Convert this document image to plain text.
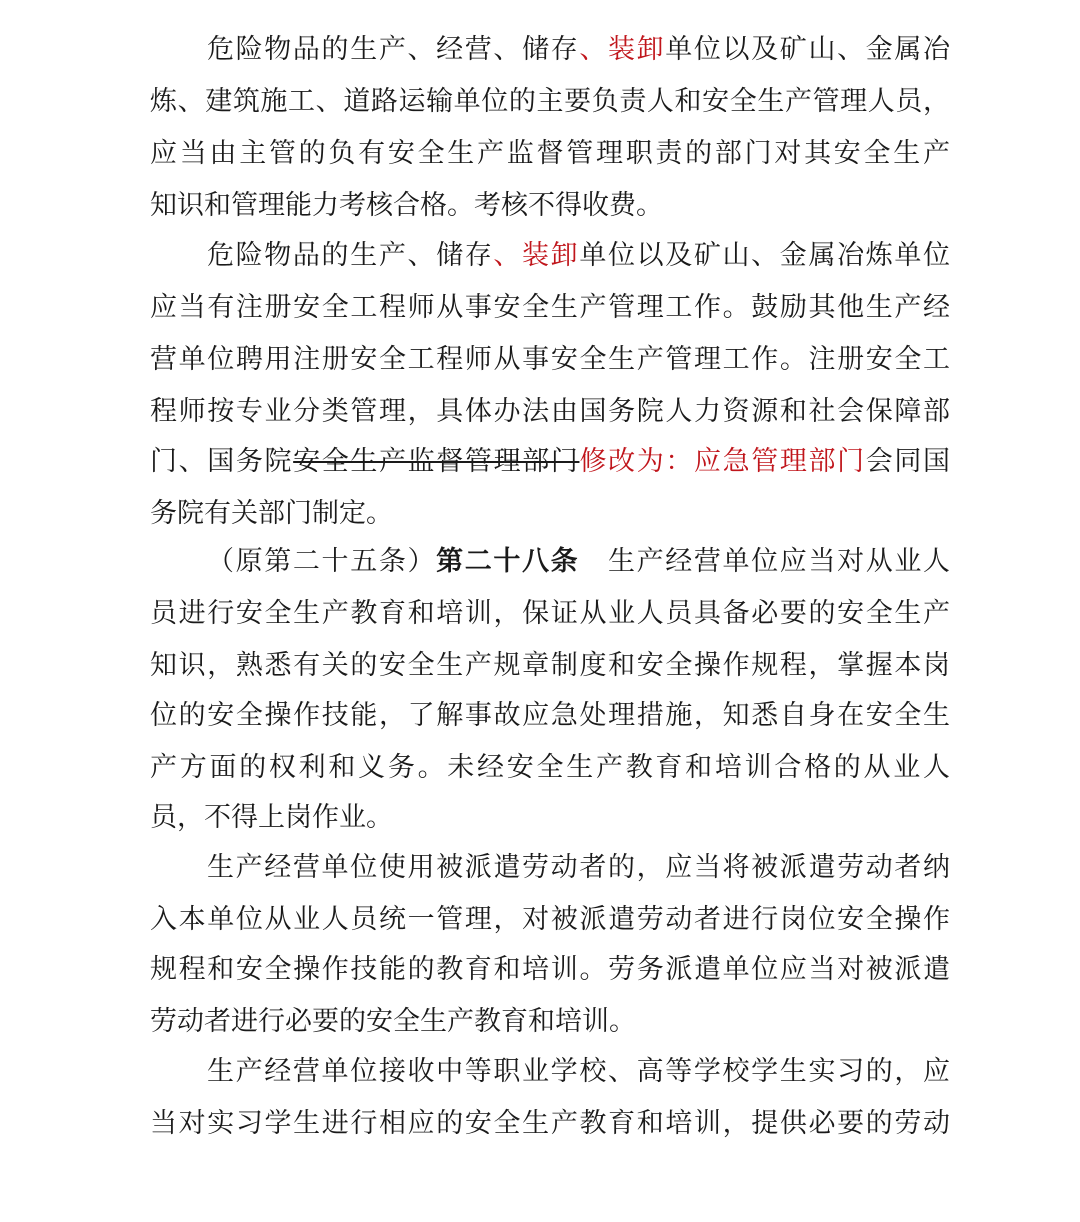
危险物品的生产、经营、储存、装卸单位以及矿山、金属冶
炼、建筑施工、道路运输单位的主要负责人和安全生产管理人员，
应当由主管的负有安全生产监督管理职责的部门对其安全生产
知识和管理能力考核合格。考核不得收费。
危险物品的生产、储存、装卸单位以及矿山、金属冶炼单位
应当有注册安全工程师从事安全生产管理工作。鼓励其他生产经
营单位聘用注册安全工程师从事安全生产管理工作。注册安全工
程师按专业分类管理，具体办法由国务院人力资源和社会保障部
门、国务院安全生产监督管理部门修改为：应急管理部门会同国
务院有关部门制定。
（原第二十五条）第二十八条　生产经营单位应当对从业人
员进行安全生产教育和培训，保证从业人员具备必要的安全生产
知识，熟悉有关的安全生产规章制度和安全操作规程，掌握本岗
位的安全操作技能，了解事故应急处理措施，知悉自身在安全生
产方面的权利和义务。未经安全生产教育和培训合格的从业人
员，不得上岗作业。
生产经营单位使用被派遣劳动者的，应当将被派遣劳动者纳
入本单位从业人员统一管理，对被派遣劳动者进行岗位安全操作
规程和安全操作技能的教育和培训。劳务派遣单位应当对被派遣
劳动者进行必要的安全生产教育和培训。
生产经营单位接收中等职业学校、高等学校学生实习的，应
当对实习学生进行相应的安全生产教育和培训，提供必要的劳动
